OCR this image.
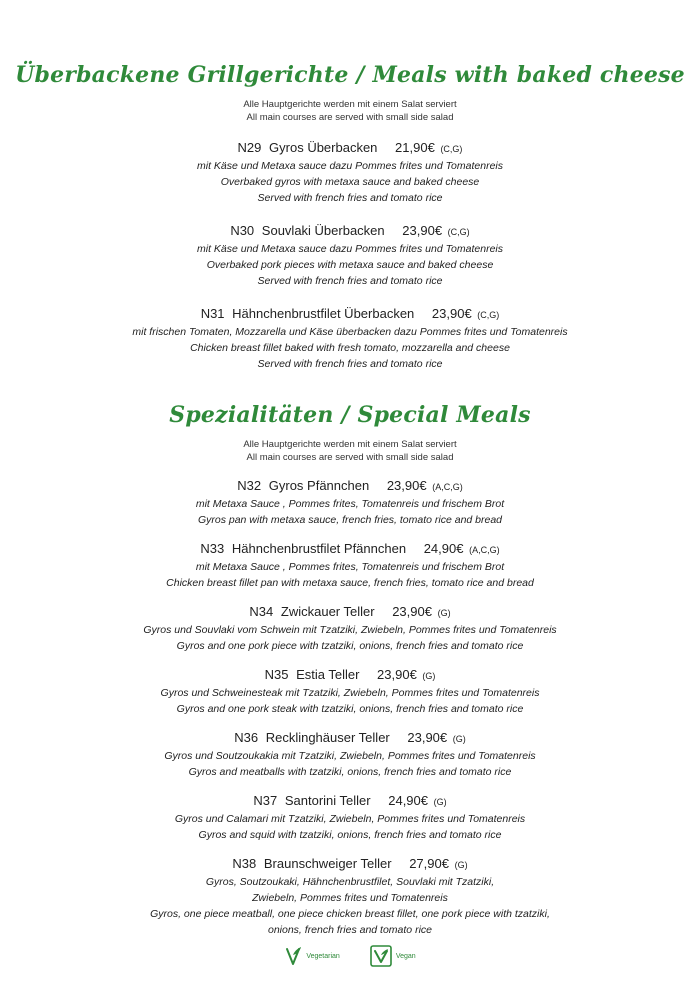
Überbackene Grillgerichte / Meals with baked cheese
Alle Hauptgerichte werden mit einem Salat serviert
All main courses are served with small side salad
N29 Gyros Überbacken 21,90€ (C,G)
mit Käse und Metaxa sauce dazu Pommes frites und Tomatenreis
Overbaked gyros with metaxa sauce and baked cheese
Served with french fries and tomato rice
N30 Souvlaki Überbacken 23,90€ (C,G)
mit Käse und Metaxa sauce dazu Pommes frites und Tomatenreis
Overbaked pork pieces with metaxa sauce and baked cheese
Served with french fries and tomato rice
N31 Hähnchenbrustfilet Überbacken 23,90€ (C,G)
mit frischen Tomaten, Mozzarella und Käse überbacken dazu Pommes frites und Tomatenreis
Chicken breast fillet baked with fresh tomato, mozzarella and cheese
Served with french fries and tomato rice
Spezialitäten / Special Meals
Alle Hauptgerichte werden mit einem Salat serviert
All main courses are served with small side salad
N32 Gyros Pfännchen 23,90€ (A,C,G)
mit Metaxa Sauce , Pommes frites, Tomatenreis und frischem Brot
Gyros pan with metaxa sauce, french fries, tomato rice and bread
N33 Hähnchenbrustfilet Pfännchen 24,90€ (A,C,G)
mit Metaxa Sauce , Pommes frites, Tomatenreis und frischem Brot
Chicken breast fillet pan with metaxa sauce, french fries, tomato rice and bread
N34 Zwickauer Teller 23,90€ (G)
Gyros und Souvlaki vom Schwein mit Tzatziki, Zwiebeln, Pommes frites und Tomatenreis
Gyros and one pork piece with tzatziki, onions, french fries and tomato rice
N35 Estia Teller 23,90€ (G)
Gyros und Schweinesteak mit Tzatziki, Zwiebeln, Pommes frites und Tomatenreis
Gyros and one pork steak with tzatziki, onions, french fries and tomato rice
N36 Recklinghäuser Teller 23,90€ (G)
Gyros und Soutzoukakia mit Tzatziki, Zwiebeln, Pommes frites und Tomatenreis
Gyros and meatballs with tzatziki, onions, french fries and tomato rice
N37 Santorini Teller 24,90€ (G)
Gyros und Calamari mit Tzatziki, Zwiebeln, Pommes frites und Tomatenreis
Gyros and squid with tzatziki, onions, french fries and tomato rice
N38 Braunschweiger Teller 27,90€ (G)
Gyros, Soutzoukaki, Hähnchenbrustfilet, Souvlaki mit Tzatziki,
Zwiebeln, Pommes frites und Tomatenreis
Gyros, one piece meatball, one piece chicken breast fillet, one pork piece with tzatziki,
onions, french fries and tomato rice
Vegetarian	Vegan
